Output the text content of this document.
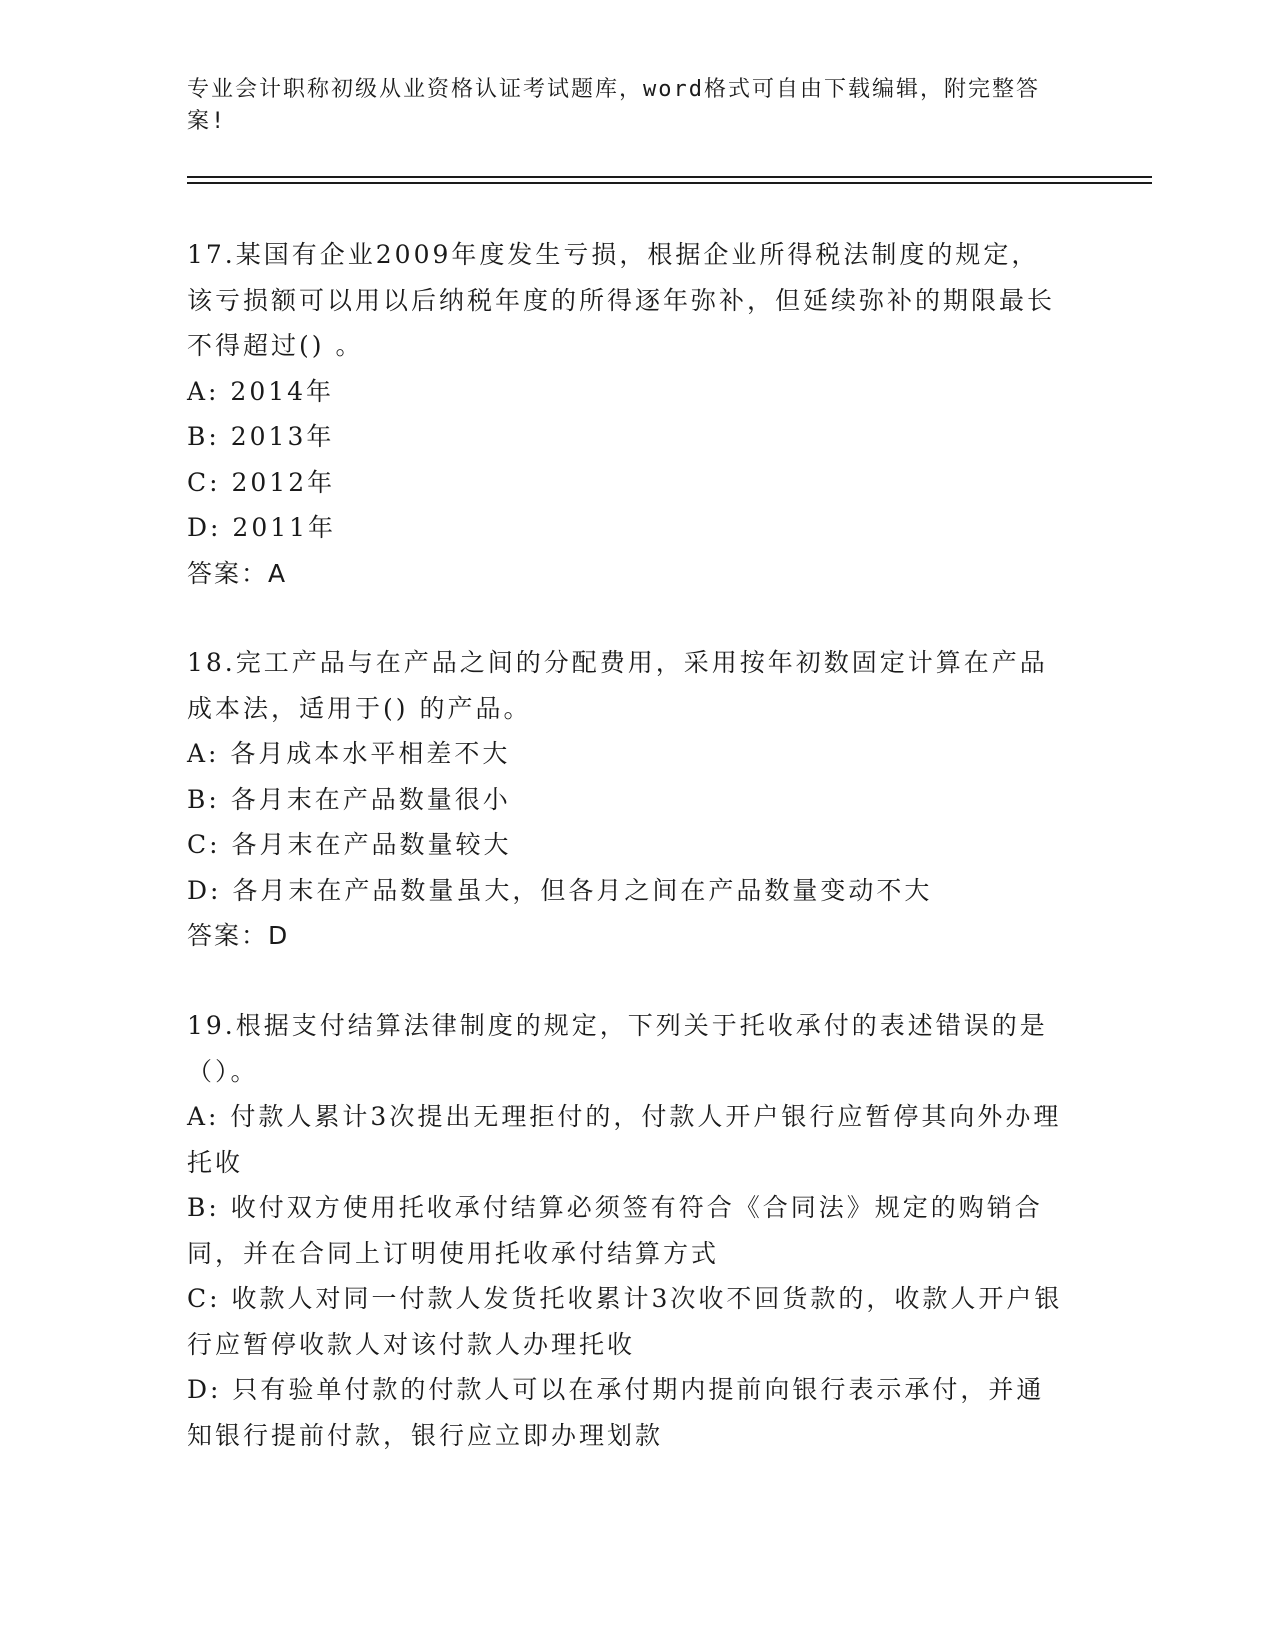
专业会计职称初级从业资格认证考试题库，word格式可自由下载编辑，附完整答案!
17.某国有企业2009年度发生亏损，根据企业所得税法制度的规定，该亏损额可以用以后纳税年度的所得逐年弥补，但延续弥补的期限最长不得超过() 。
A: 2014年
B: 2013年
C: 2012年
D: 2011年
答案：A
18.完工产品与在产品之间的分配费用，采用按年初数固定计算在产品成本法，适用于() 的产品。
A: 各月成本水平相差不大
B: 各月末在产品数量很小
C: 各月末在产品数量较大
D: 各月末在产品数量虽大，但各月之间在产品数量变动不大
答案：D
19.根据支付结算法律制度的规定，下列关于托收承付的表述错误的是（）。
A: 付款人累计3次提出无理拒付的，付款人开户银行应暂停其向外办理托收
B: 收付双方使用托收承付结算必须签有符合《合同法》规定的购销合同，并在合同上订明使用托收承付结算方式
C: 收款人对同一付款人发货托收累计3次收不回货款的，收款人开户银行应暂停收款人对该付款人办理托收
D: 只有验单付款的付款人可以在承付期内提前向银行表示承付，并通知银行提前付款，银行应立即办理划款
